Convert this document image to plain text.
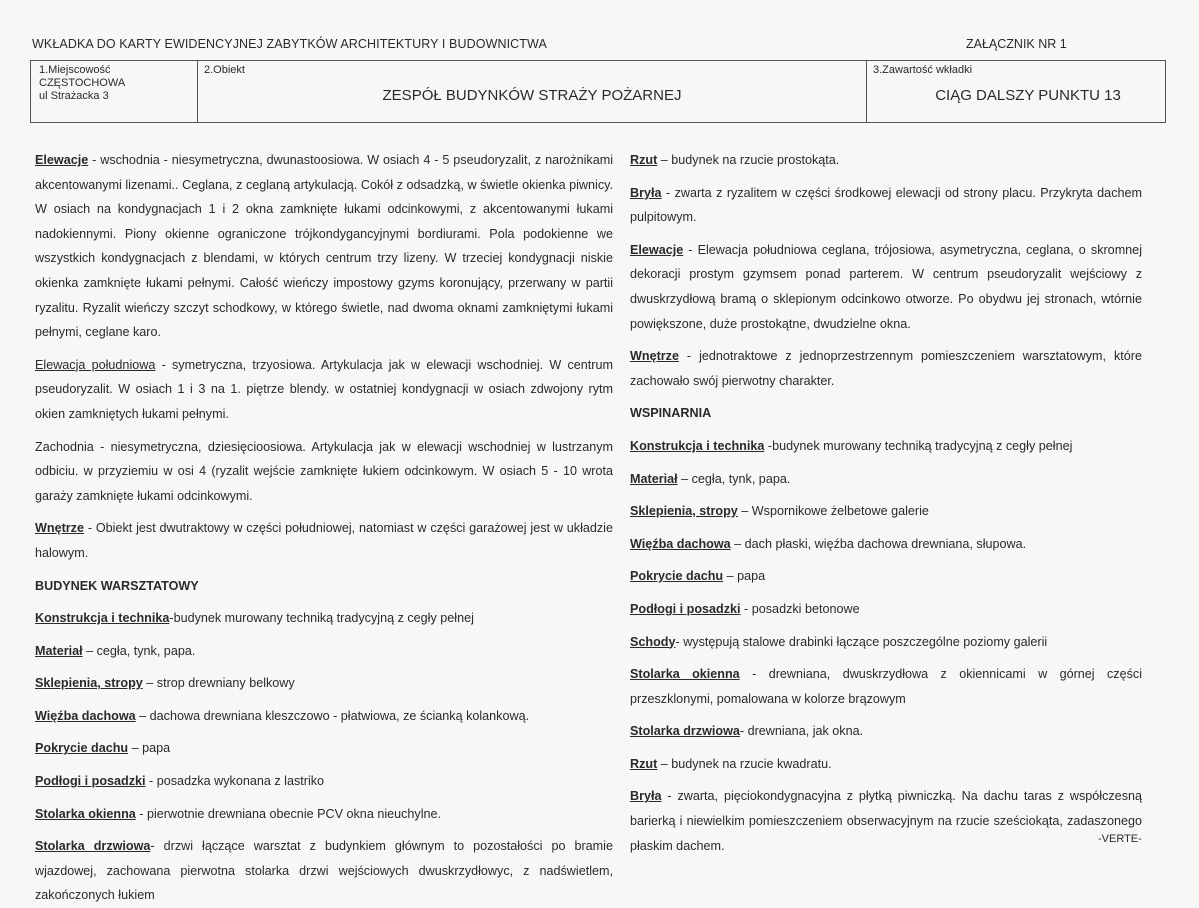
WKŁADKA DO KARTY EWIDENCYJNEJ ZABYTKÓW ARCHITEKTURY I BUDOWNICTWA	ZAŁĄCZNIK NR 1
1.Miejscowość
CZĘSTOCHOWA
ul Strażacka 3
2.Obiekt
ZESPÓŁ BUDYNKÓW STRAŻY POŻARNEJ
3.Zawartość wkładki
CIĄG DALSZY PUNKTU 13

Elewacje - wschodnia - niesymetryczna, dwunastoosiowa. W osiach 4 - 5 pseudoryzalit, z narożnikami akcentowanymi lizenami.. Ceglana, z ceglaną artykulacją. Cokół z odsadzką, w świetle okienka piwnicy. W osiach na kondygnacjach 1 i 2 okna zamknięte łukami odcinkowymi, z akcentowanymi łukami nadokiennymi. Piony okienne ograniczone trójkondygancyjnymi bordiurami. Pola podokienne we wszystkich kondygnacjach z blendami, w których centrum trzy lizeny. W trzeciej kondygnacji niskie okienka zamknięte łukami pełnymi. Całość wieńczy impostowy gzyms koronujący, przerwany w partii ryzalitu. Ryzalit wieńczy szczyt schodkowy, w którego świetle, nad dwoma oknami zamkniętymi łukami pełnymi, ceglane karo.

Elewacja południowa - symetryczna, trzyosiowa. Artykulacja jak w elewacji wschodniej. W centrum pseudoryzalit. W osiach 1 i 3 na 1. piętrze blendy. w ostatniej kondygnacji w osiach zdwojony rytm okien zamkniętych łukami pełnymi.

Zachodnia - niesymetryczna, dziesięcioosiowa. Artykulacja jak w elewacji wschodniej w lustrzanym odbiciu. w przyziemiu w osi 4 (ryzalit wejście zamknięte łukiem odcinkowym. W osiach 5 - 10 wrota garaży zamknięte łukami odcinkowymi.

Wnętrze - Obiekt jest dwutraktowy w części południowej, natomiast w części garażowej jest w układzie halowym.

BUDYNEK WARSZTATOWY

Konstrukcja i technika-budynek murowany techniką tradycyjną z cegły pełnej

Materiał – cegła, tynk, papa.

Sklepienia, stropy – strop drewniany belkowy

Więźba dachowa – dachowa drewniana kleszczowo - płatwiowa, ze ścianką kolankową.

Pokrycie dachu – papa

Podłogi i posadzki - posadzka wykonana z lastriko

Stolarka okienna - pierwotnie drewniana obecnie PCV okna nieuchylne.

Stolarka drzwiowa- drzwi łączące warsztat z budynkiem głównym to pozostałości po bramie wjazdowej, zachowana pierwotna stolarka drzwi wejściowych dwuskrzydłowyc, z nadświetlem, zakończonych łukiem

Rzut – budynek na rzucie prostokąta.

Bryła - zwarta z ryzalitem w części środkowej elewacji od strony placu. Przykryta dachem pulpitowym.

Elewacje - Elewacja południowa ceglana, trójosiowa, asymetryczna, ceglana, o skromnej dekoracji prostym gzymsem ponad parterem. W centrum pseudoryzalit wejściowy z dwuskrzydłową bramą o sklepionym odcinkowo otworze. Po obydwu jej stronach, wtórnie powiększone, duże prostokątne, dwudzielne okna.

Wnętrze - jednotraktowe z jednoprzestrzennym pomieszczeniem warsztatowym, które zachowało swój pierwotny charakter.

WSPINARNIA

Konstrukcja i technika -budynek murowany techniką tradycyjną z cegły pełnej

Materiał – cegła, tynk, papa.

Sklepienia, stropy – Wspornikowe żelbetowe galerie

Więźba dachowa – dach płaski, więźba dachowa drewniana, słupowa.

Pokrycie dachu – papa

Podłogi i posadzki - posadzki betonowe

Schody- występują stalowe drabinki łączące poszczególne poziomy galerii

Stolarka okienna - drewniana, dwuskrzydłowa z okiennicami w górnej części przeszklonymi, pomalowana w kolorze brązowym

Stolarka drzwiowa- drewniana, jak okna.

Rzut – budynek na rzucie kwadratu.

Bryła - zwarta, pięciokondygnacyjna z płytką piwniczką. Na dachu taras z współczesną barierką i niewielkim pomieszczeniem obserwacyjnym na rzucie sześciokąta, zadaszonego płaskim dachem.	-VERTE-
